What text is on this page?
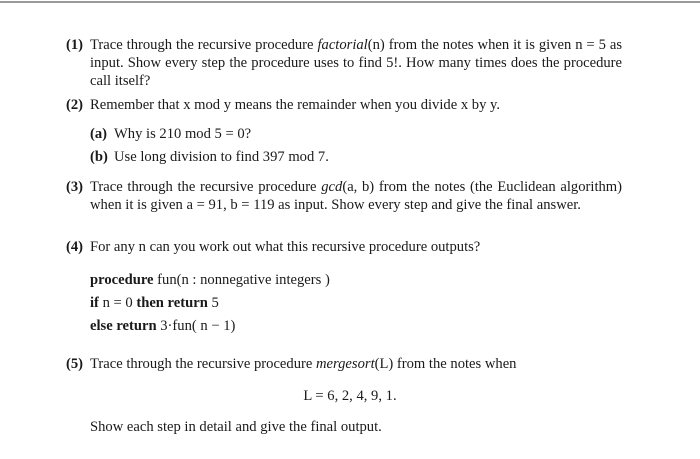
(1) Trace through the recursive procedure factorial(n) from the notes when it is given n = 5 as input. Show every step the procedure uses to find 5!. How many times does the procedure call itself?
(2) Remember that x mod y means the remainder when you divide x by y.
(a) Why is 210 mod 5 = 0?
(b) Use long division to find 397 mod 7.
(3) Trace through the recursive procedure gcd(a, b) from the notes (the Euclidean algorithm) when it is given a = 91, b = 119 as input. Show every step and give the final answer.
(4) For any n can you work out what this recursive procedure outputs?
procedure fun(n : nonnegative integers )
if n = 0 then return 5
else return 3·fun( n − 1)
(5) Trace through the recursive procedure mergesort(L) from the notes when
L = 6, 2, 4, 9, 1.
Show each step in detail and give the final output.
